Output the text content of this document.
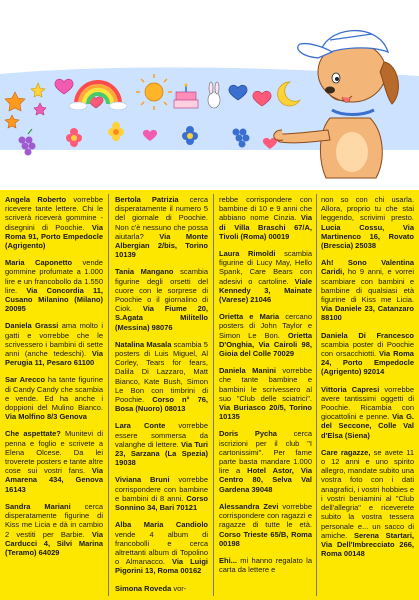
Angela Roberto vorrebbe ricevere tante lettere. Chi le scriverà riceverà gommine - disegnini di Poochie. Via Roma 91, Porto Empedocle (Agrigento)

Maria Caponetto vende gommine profumate a 1.000 lire e un francobollo da 1.550 lire. Via Concordia 11, Cusano Milanino (Milano) 20095

Daniela Grassi ama molto i gatti e vorrebbe che le scrivessero i bambini di sette anni (anche tedeschi). Via Perugia 11, Pesaro 61100

Sar Arecco ha tante figurine di Candy Candy che scambia e vende. Ed ha anche i doppioni del Mulino Bianco. Via Molfino 8/3 Genova

Che aspettate? Munitevi di penna e foglio e scrivete a Elena Olcese. Da lei troverete posters e tante altre cose sui vostri fans. Via Amarena 434, Genova 16143

Sandra Mariani cerca disperatamente figurine di Kiss me Licia e dà in cambio 2 vestiti per Barbie. Via Carducci 4, Silvi Marina (Teramo) 64029

Bertola Patrizia cerca disperatamente il numero 5 del giornale di Poochie. Non c'è nessuno che possa aiutarla? Via Monte Albergian 2/bis, Torino 10139

Tania Mangano scambia figurine degli orsetti del cuore con le sorprese di Poochie o il giornalino di Ciok. Via Fiume 20, S.Agata Militello (Messina) 98076

Natalina Masala scambia 5 posters di Luis Miguel, Al Corley, Tears for fears, Dalila Di Lazzaro, Matt Bianco, Kate Bush, Simon Le Bon con timbrini di Poochie. Corso n° 76, Bosa (Nuoro) 08013

Lara Conte vorrebbe essere sommersa da valanghe di lettere. Via Turi 23, Sarzana (La Spezia) 19038

Viviana Bruni vorrebbe corrispondere con bambine e bambini di 8 anni. Corso Sonnino 34, Bari 70121

Alba Maria Candiolo vende 4 album di francobolli e cerca altrettanti album di Topolino o Almanacco. Via Luigi Pigorini 13, Roma 00162

Simona Roveda vor-

rebbe corrispondere con bambine di 10 e 9 anni che abbiano nome Cinzia. Via di Villa Braschi 67/A, Tivoli (Roma) 00019

Laura Rimoldi scambia figurine di Lucy May, Hello Spank, Care Bears con adesivi o cartoline. Viale Kennedy 3, Mainate (Varese) 21046

Orietta e Maria cercano posters di John Taylor e Simon Le Bon. Orietta D'Onghia, Via Cairoli 98, Gioia del Colle 70029

Daniela Manini vorrebbe che tante bambine e bambini le scrivessero al suo "Club delle sciatrici". Via Buriasco 20/5, Torino 10135

Doris Pycha cerca iscrizioni per il club "I cartonissimi". Per fame parte basta mandare 1.000 lire a Hotel Astor, Via Centro 80, Selva Val Gardena 39048

Alessandra Zevi vorrebbe corrispondere con ragazzi e ragazze di tutte le età. Corso Trieste 65/B, Roma 00198

Ehi... mi hanno regalato la carta da lettere e

non so con chi usarla. Allora, proprio tu che stai leggendo, scrivimi presto. Lucia Cossu, Via Martinenco 16, Rovato (Brescia) 25038

Ah! Sono Valentina Caridi, ho 9 anni, e vorrei scambiare con bambini e bambine di qualsiasi età figurine di Kiss me Licia. Via Daniele 23, Catanzaro 88100

Daniela Di Francesco scambia poster di Poochie con orsacchiotti. Via Roma 24, Porto Empedocle (Agrigento) 92014

Vittoria Capresi vorrebbe avere tantissimi oggetti di Poochie. Ricambia con giocattolini e penne. Via G. del Seccone, Colle Val d'Elsa (Siena)

Care ragazze, se avete 11 o 12 anni e uno spirito allegro, mandate subito una vostra foto con i dati anagrafici, i vostri hobbies e i vostri beniamini al "Club dell'allegria" e riceverete subito la vostra tessera personale e... un sacco di amiche. Serena Startari, Via Dell'Imbrecciato 266, Roma 00148
